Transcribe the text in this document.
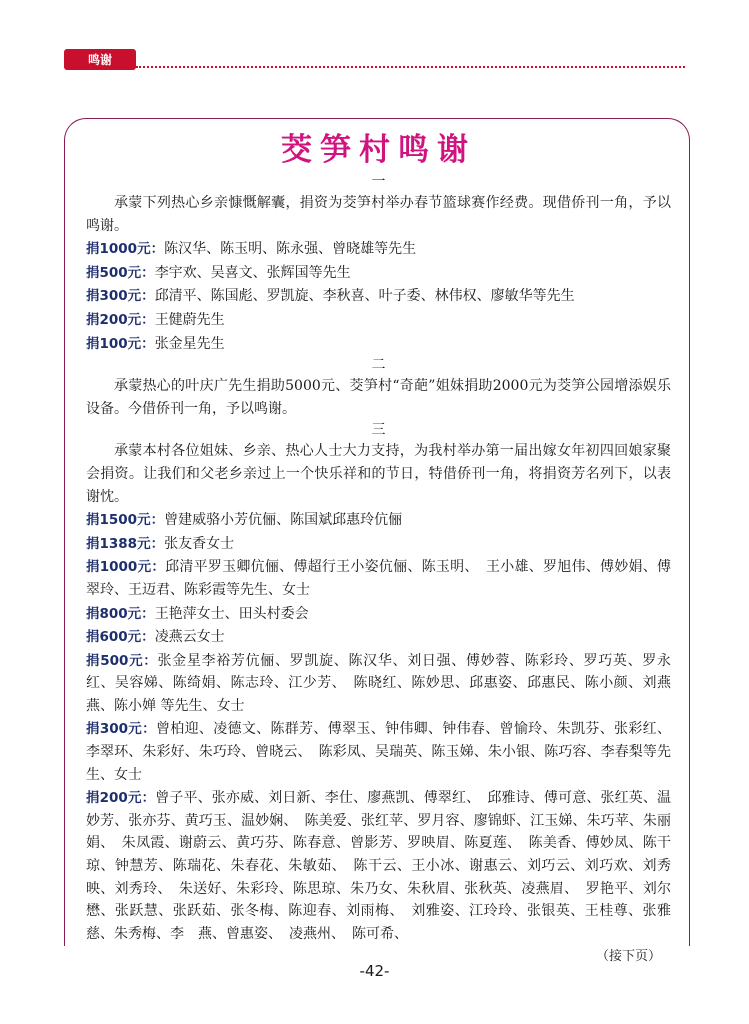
鸣谢
茭笋村鸣谢
一
承蒙下列热心乡亲慷慨解囊，捐资为茭笋村举办春节篮球赛作经费。现借侨刊一角，予以鸣谢。
捐1000元：陈汉华、陈玉明、陈永强、曾晓雄等先生
捐500元：李宇欢、吴喜文、张辉国等先生
捐300元：邱清平、陈国彪、罗凯旋、李秋喜、叶子委、林伟权、廖敏华等先生
捐200元：王健蔚先生
捐100元：张金星先生
二
承蒙热心的叶庆广先生捐助5000元、茭笋村“奇葩”姐妹捐助2000元为茭笋公园增添娱乐设备。今借侨刊一角，予以鸣谢。
三
承蒙本村各位姐妹、乡亲、热心人士大力支持，为我村举办第一届出嫁女年初四回娘家聚会捐资。让我们和父老乡亲过上一个快乐祥和的节日，特借侨刊一角，将捐资芳名列下，以表谢忱。
捐1500元：曾建威骆小芳伉俪、陈国斌邱惠玲伉俪
捐1388元：张友香女士
捐1000元：邱清平罗玉卿伉俪、傅超行王小姿伉俪、陈玉明、　王小雄、罗旭伟、傅妙娟、傅翠玲、王迈君、陈彩霞等先生、女士
捐800元：王艳萍女士、田头村委会
捐600元：凌燕云女士
捐500元：张金星李裕芳伉俪、罗凯旋、陈汉华、刘日强、傅妙蓉、陈彩玲、罗巧英、罗永红、吴容娣、陈绮娟、陈志玲、江少芳、　陈晓红、陈妙思、邱惠姿、邱惠民、陈小颜、刘燕燕、陈小婵 等先生、女士
捐300元：曾柏迎、凌德文、陈群芳、傅翠玉、钟伟卿、钟伟春、曾愉玲、朱凯芬、张彩红、李翠环、朱彩好、朱巧玲、曾晓云、　陈彩凤、吴瑞英、陈玉娣、朱小银、陈巧容、李春梨等先生、女士
捐200元：曾子平、张亦威、刘日新、李仕、廖燕凯、傅翠红、　邱雅诗、傅可意、张红英、温妙芳、张亦芬、黄巧玉、温妙娴、　陈美爱、张红苹、罗月容、廖锦虾、江玉娣、朱巧苹、朱丽娟、　朱凤霞、谢蔚云、黄巧芬、陈春意、曾影芳、罗映眉、陈夏莲、　陈美香、傅妙凤、陈干琼、钟慧芳、陈瑞花、朱春花、朱敏茹、　陈干云、王小冰、谢惠云、刘巧云、刘巧欢、刘秀映、刘秀玲、　朱送好、朱彩玲、陈思琼、朱乃女、朱秋眉、张秋英、凌燕眉、　罗艳平、刘尔懋、张跃慧、张跃茹、张冬梅、陈迎春、刘雨梅、　刘雅姿、江玲玲、张银英、王桂尊、张雅慈、朱秀梅、李　燕、曾惠姿、　凌燕州、　陈可希、
（接下页）
-42-
